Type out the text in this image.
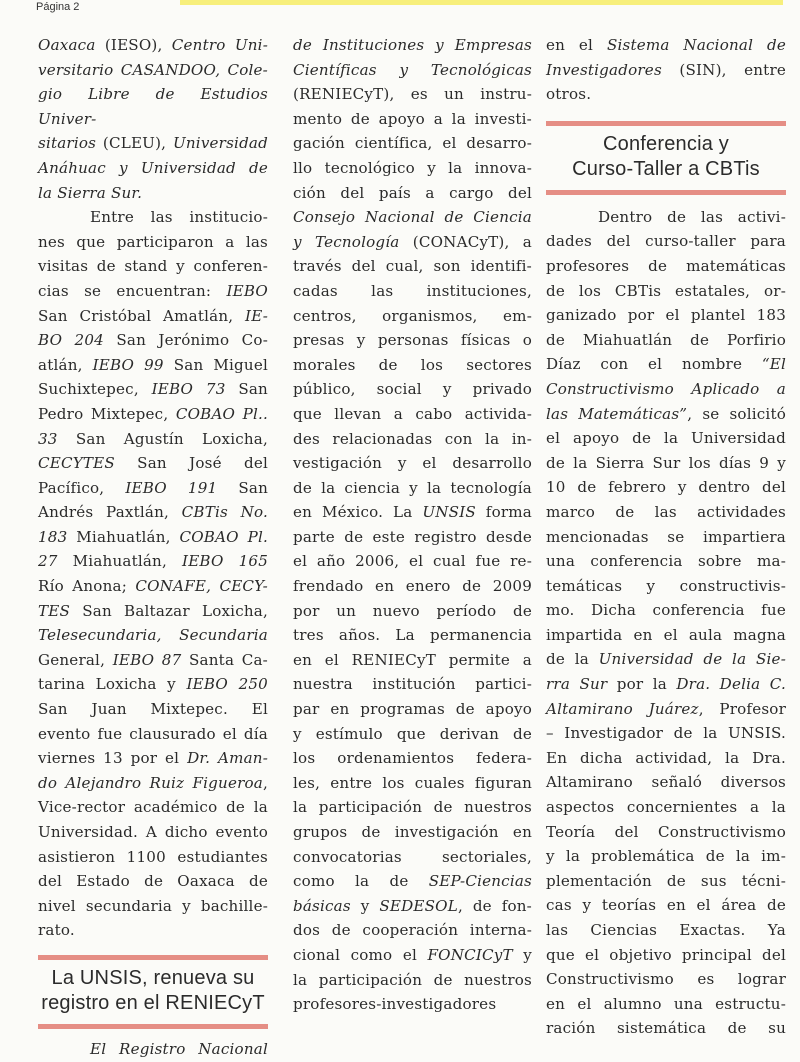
Página 2
Oaxaca (IESO), Centro Uni-
versitario CASANDOO, Cole-
gio Libre de Estudios Univer-
sitarios (CLEU), Universidad
Anáhuac y Universidad de
la Sierra Sur.
Entre las institucio-
nes que participaron a las
visitas de stand y conferen-
cias se encuentran: IEBO
San Cristóbal Amatlán, IE-
BO 204 San Jerónimo Co-
atlán, IEBO 99 San Miguel
Suchixtepec, IEBO 73 San
Pedro Mixtepec, COBAO Pl..
33 San Agustín Loxicha,
CECYTES San José del
Pacífico, IEBO 191 San
Andrés Paxtlán, CBTis No.
183 Miahuatlán, COBAO Pl.
27 Miahuatlán, IEBO 165
Río Anona; CONAFE, CECY-
TES San Baltazar Loxicha,
Telesecundaria, Secundaria
General, IEBO 87 Santa Ca-
tarina Loxicha y IEBO 250
San Juan Mixtepec. El
evento fue clausurado el día
viernes 13 por el Dr. Aman-
do Alejandro Ruiz Figueroa,
Vice-rector académico de la
Universidad. A dicho evento
asistieron 1100 estudiantes
del Estado de Oaxaca de
nivel secundaria y bachille-
rato.
La UNSIS, renueva su
registro en el RENIECyT
El Registro Nacional
de Instituciones y Empresas
Científicas y Tecnológicas
(RENIECyT), es un instru-
mento de apoyo a la investi-
gación científica, el desarro-
llo tecnológico y la innova-
ción del país a cargo del
Consejo Nacional de Ciencia
y Tecnología (CONACyT), a
través del cual, son identifi-
cadas las instituciones,
centros, organismos, em-
presas y personas físicas o
morales de los sectores
público, social y privado
que llevan a cabo activida-
des relacionadas con la in-
vestigación y el desarrollo
de la ciencia y la tecnología
en México. La UNSIS forma
parte de este registro desde
el año 2006, el cual fue re-
frendado en enero de 2009
por un nuevo período de
tres años. La permanencia
en el RENIECyT permite a
nuestra institución partici-
par en programas de apoyo
y estímulo que derivan de
los ordenamientos federa-
les, entre los cuales figuran
la participación de nuestros
grupos de investigación en
convocatorias sectoriales,
como la de SEP-Ciencias
básicas y SEDESOL, de fon-
dos de cooperación interna-
cional como el FONCICyT y
la participación de nuestros
profesores-investigadores
en el Sistema Nacional de
Investigadores (SIN), entre
otros.
Conferencia y
Curso-Taller a CBTis
Dentro de las activi-
dades del curso-taller para
profesores de matemáticas
de los CBTis estatales, or-
ganizado por el plantel 183
de Miahuatlán de Porfirio
Díaz con el nombre “El
Constructivismo Aplicado a
las Matemáticas”, se solicitó
el apoyo de la Universidad
de la Sierra Sur los días 9 y
10 de febrero y dentro del
marco de las actividades
mencionadas se impartiera
una conferencia sobre ma-
temáticas y constructivis-
mo. Dicha conferencia fue
impartida en el aula magna
de la Universidad de la Sie-
rra Sur por la Dra. Delia C.
Altamirano Juárez, Profesor
– Investigador de la UNSIS.
En dicha actividad, la Dra.
Altamirano señaló diversos
aspectos concernientes a la
Teoría del Constructivismo
y la problemática de la im-
plementación de sus técni-
cas y teorías en el área de
las Ciencias Exactas. Ya
que el objetivo principal del
Constructivismo es lograr
en el alumno una estructu-
ración sistemática de su
